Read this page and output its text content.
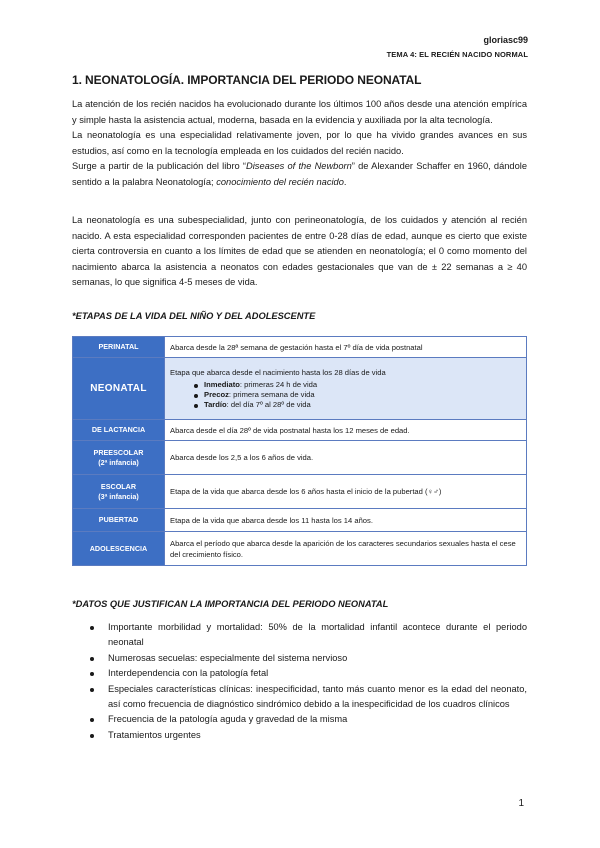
gloriasc99
TEMA 4: EL RECIÉN NACIDO NORMAL
1. NEONATOLOGÍA. IMPORTANCIA DEL PERIODO NEONATAL
La atención de los recién nacidos ha evolucionado durante los últimos 100 años desde una atención empírica y simple hasta la asistencia actual, moderna, basada en la evidencia y auxiliada por la alta tecnología.
La neonatología es una especialidad relativamente joven, por lo que ha vivido grandes avances en sus estudios, así como en la tecnología empleada en los cuidados del recién nacido.
Surge a partir de la publicación del libro “Diseases of the Newborn” de Alexander Schaffer en 1960, dándole sentido a la palabra Neonatología; conocimiento del recién nacido.
La neonatología es una subespecialidad, junto con perineonatología, de los cuidados y atención al recién nacido. A esta especialidad corresponden pacientes de entre 0-28 días de edad, aunque es cierto que existe cierta controversia en cuanto a los límites de edad que se atienden en neonatología; el 0 como momento del nacimiento abarca la asistencia a neonatos con edades gestacionales que van de ± 22 semanas a ≥ 40 semanas, lo que significa 4-5 meses de vida.
*ETAPAS DE LA VIDA DEL NIÑO Y DEL ADOLESCENTE
PERINATAL	Abarca desde la 28ª semana de gestación hasta el 7º día de vida postnatal
NEONATAL	Etapa que abarca desde el nacimiento hasta los 28 días de vida
Inmediato: primeras 24 h de vida
Precoz: primera semana de vida
Tardío: del día 7º al 28º de vida

DE LACTANCIA	Abarca desde el día 28º de vida postnatal hasta los 12 meses de edad.

PREESCOLAR
(2ª infancia)	Abarca desde los 2,5 a los 6 años de vida.

ESCOLAR
(3ª infancia)	Etapa de la vida que abarca desde los 6 años hasta el inicio de la pubertad (♀♂)
PUBERTAD	Etapa de la vida que abarca desde los 11 hasta los 14 años.
ADOLESCENCIA	Abarca el período que abarca desde la aparición de los caracteres secundarios sexuales hasta el cese del crecimiento físico.
*DATOS QUE JUSTIFICAN LA IMPORTANCIA DEL PERIODO NEONATAL
Importante morbilidad y mortalidad: 50% de la mortalidad infantil acontece durante el periodo neonatal
Numerosas secuelas: especialmente del sistema nervioso
Interdependencia con la patología fetal
Especiales características clínicas: inespecificidad, tanto más cuanto menor es la edad del neonato, así como frecuencia de diagnóstico sindrómico debido a la inespecificidad de los cuadros clínicos
Frecuencia de la patología aguda y gravedad de la misma
Tratamientos urgentes
1
